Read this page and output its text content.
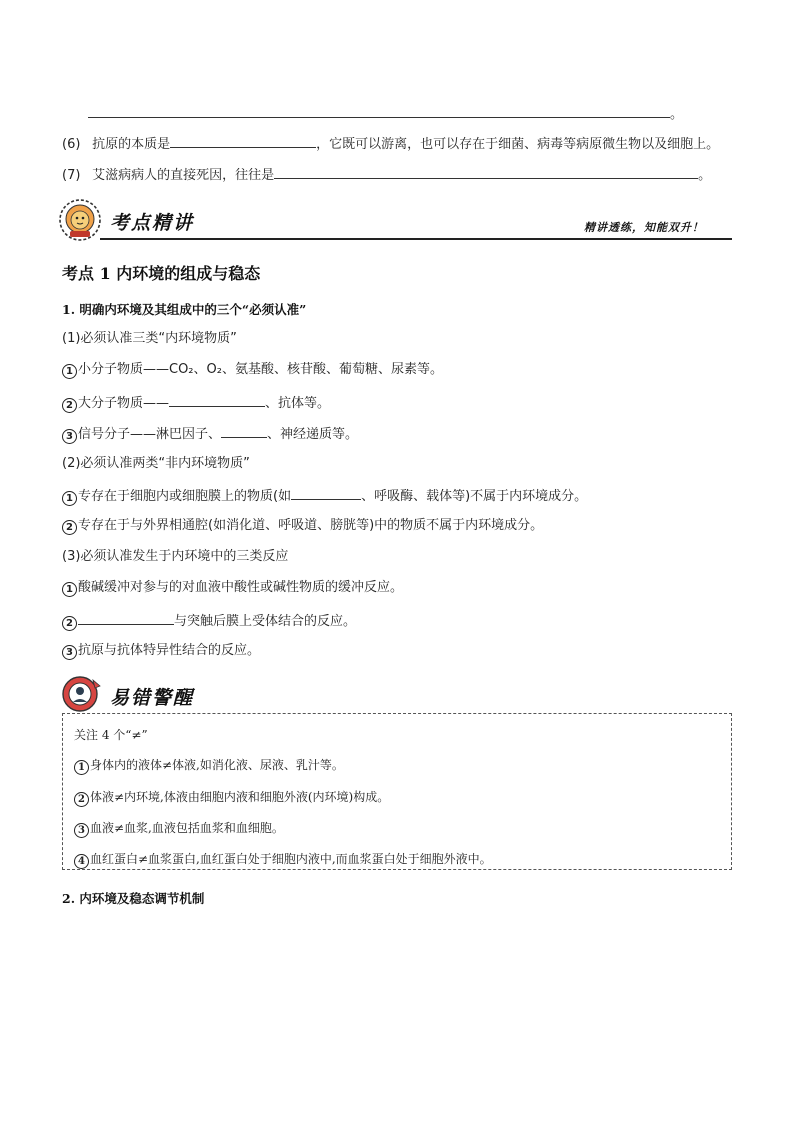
。
(6) 抗原的本质是	，它既可以游离，也可以存在于细菌、病毒等病原微生物以及细胞上。
(7) 艾滋病病人的直接死因，往往是	。
考点精讲	精讲透练，知能双升！
考点 1 内环境的组成与稳态
1. 明确内环境及其组成中的三个“必须认准”
(1)必须认准三类“内环境物质”
1 小分子物质——CO₂、O₂、氨基酸、核苷酸、葡萄糖、尿素等。
2 大分子物质——	、抗体等。
3 信号分子——淋巴因子、	、神经递质等。
(2)必须认准两类“非内环境物质”
1 专存在于细胞内或细胞膜上的物质(如	、呼吸酶、载体等)不属于内环境成分。
2 专存在于与外界相通腔(如消化道、呼吸道、膀胱等)中的物质不属于内环境成分。
(3)必须认准发生于内环境中的三类反应
1 酸碱缓冲对参与的对血液中酸性或碱性物质的缓冲反应。
2	与突触后膜上受体结合的反应。
3 抗原与抗体特异性结合的反应。
易错警醒
关注 4 个“≠”
1 身体内的液体≠体液,如消化液、尿液、乳汁等。
2 体液≠内环境,体液由细胞内液和细胞外液(内环境)构成。
3 血液≠血浆,血液包括血浆和血细胞。
4 血红蛋白≠血浆蛋白,血红蛋白处于细胞内液中,而血浆蛋白处于细胞外液中。
2. 内环境及稳态调节机制
